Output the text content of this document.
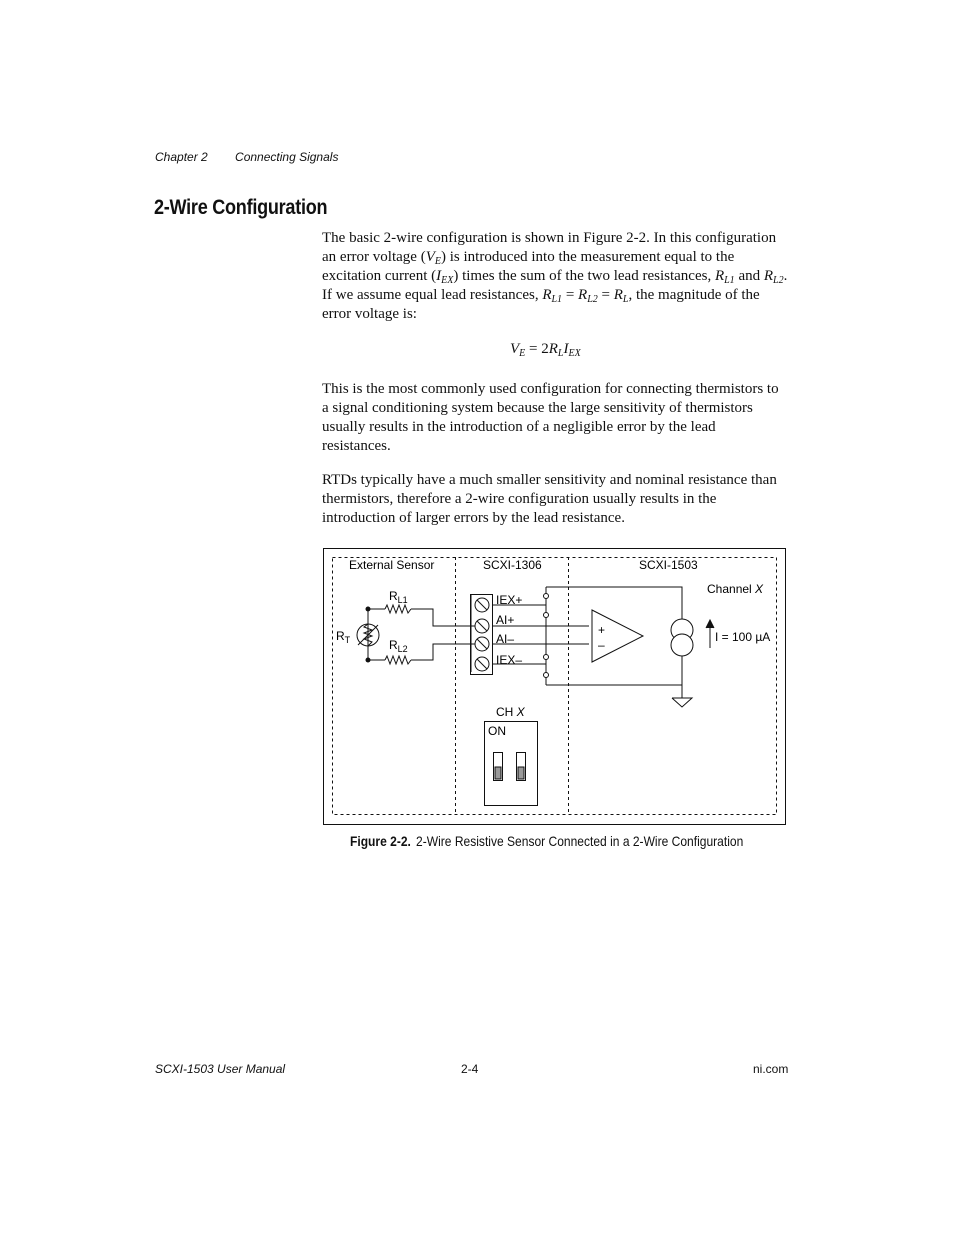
Chapter 2 Connecting Signals
2-Wire Configuration

The basic 2-wire configuration is shown in Figure 2-2. In this configuration an error voltage $(V_E)$ is introduced into the measurement equal to the excitation current $(I_{EX})$ times the sum of the two lead resistances, $R_{L1}$ and $R_{L2}$. If we assume equal lead resistances, $R_{L1} = R_{L2} = R_L$, the magnitude of the error voltage is:

$V_E = 2R_LI_{EX}$

This is the most commonly used configuration for connecting thermistors to a signal conditioning system because the large sensitivity of thermistors usually results in the introduction of a negligible error by the lead resistances.

RTDs typically have a much smaller sensitivity and nominal resistance than thermistors, therefore a 2-wire configuration usually results in the introduction of larger errors by the lead resistance.

External Sensor	SCXI-1306	SCXI-1503
Channel X
$R_{L1}$
$R_{L2}$
$R_T$
IEX+
AI+
AI–
IEX–
+
–
I = 100 µA
CH X
ON
Figure 2-2. 2-Wire Resistive Sensor Connected in a 2-Wire Configuration
SCXI-1503 User Manual	2-4	ni.com
